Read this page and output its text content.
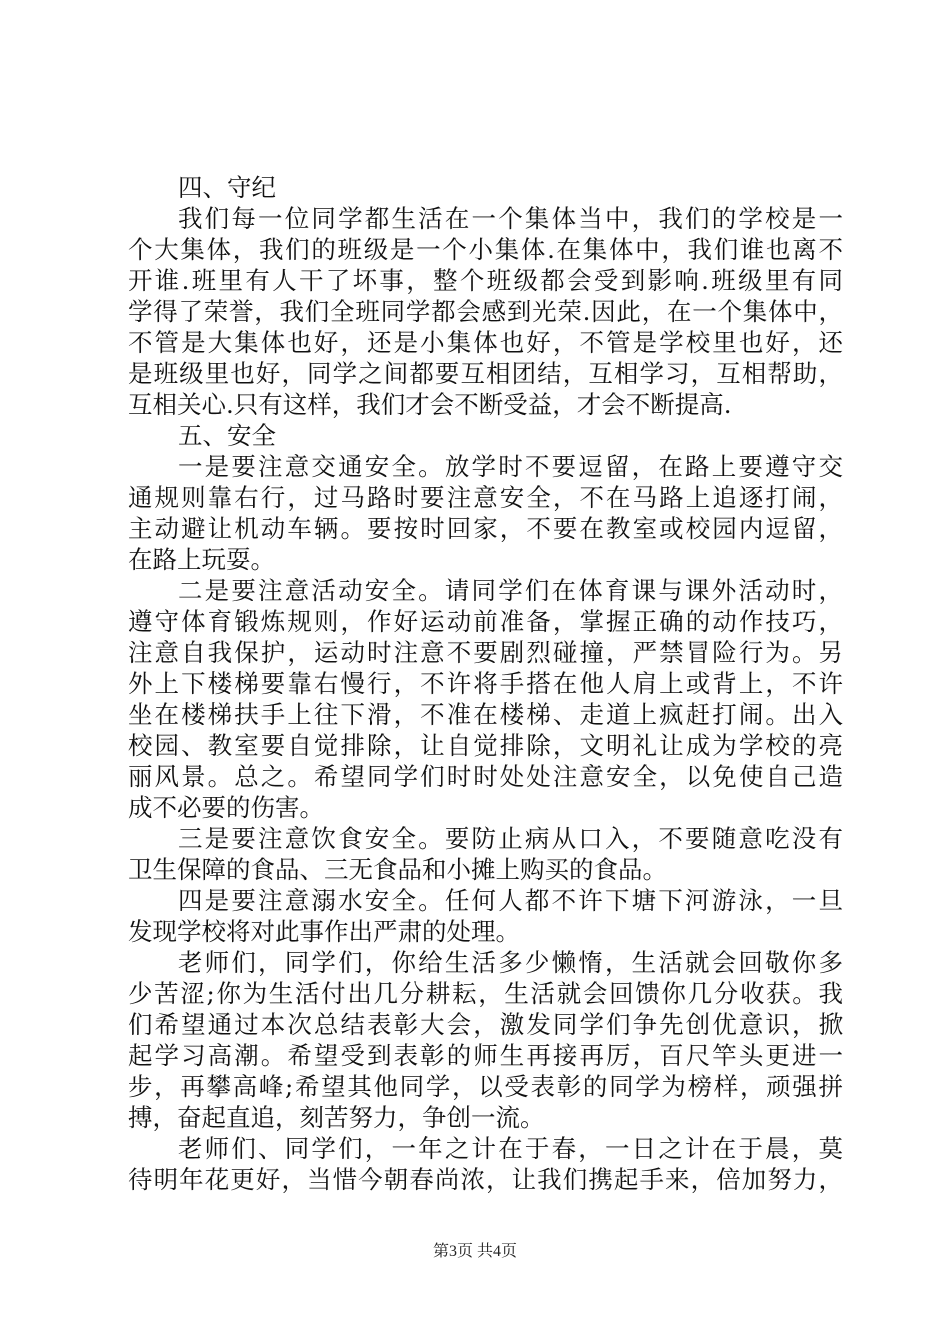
四、守纪
我们每一位同学都生活在一个集体当中，我们的学校是一
个大集体，我们的班级是一个小集体.在集体中，我们谁也离不
开谁.班里有人干了坏事，整个班级都会受到影响.班级里有同
学得了荣誉，我们全班同学都会感到光荣.因此，在一个集体中，
不管是大集体也好，还是小集体也好，不管是学校里也好，还
是班级里也好，同学之间都要互相团结，互相学习，互相帮助，
互相关心.只有这样，我们才会不断受益，才会不断提高.
五、安全
一是要注意交通安全。放学时不要逗留，在路上要遵守交
通规则靠右行，过马路时要注意安全，不在马路上追逐打闹，
主动避让机动车辆。要按时回家，不要在教室或校园内逗留，
在路上玩耍。
二是要注意活动安全。请同学们在体育课与课外活动时，
遵守体育锻炼规则，作好运动前准备，掌握正确的动作技巧，
注意自我保护，运动时注意不要剧烈碰撞，严禁冒险行为。另
外上下楼梯要靠右慢行，不许将手搭在他人肩上或背上，不许
坐在楼梯扶手上往下滑，不准在楼梯、走道上疯赶打闹。出入
校园、教室要自觉排除，让自觉排除，文明礼让成为学校的亮
丽风景。总之。希望同学们时时处处注意安全，以免使自己造
成不必要的伤害。
三是要注意饮食安全。要防止病从口入，不要随意吃没有
卫生保障的食品、三无食品和小摊上购买的食品。
四是要注意溺水安全。任何人都不许下塘下河游泳，一旦
发现学校将对此事作出严肃的处理。
老师们，同学们，你给生活多少懒惰，生活就会回敬你多
少苦涩;你为生活付出几分耕耘，生活就会回馈你几分收获。我
们希望通过本次总结表彰大会，激发同学们争先创优意识，掀
起学习高潮。希望受到表彰的师生再接再厉，百尺竿头更进一
步，再攀高峰;希望其他同学，以受表彰的同学为榜样，顽强拼
搏，奋起直追，刻苦努力，争创一流。
老师们、同学们，一年之计在于春，一日之计在于晨，莫
待明年花更好，当惜今朝春尚浓，让我们携起手来，倍加努力，
第3页 共4页
